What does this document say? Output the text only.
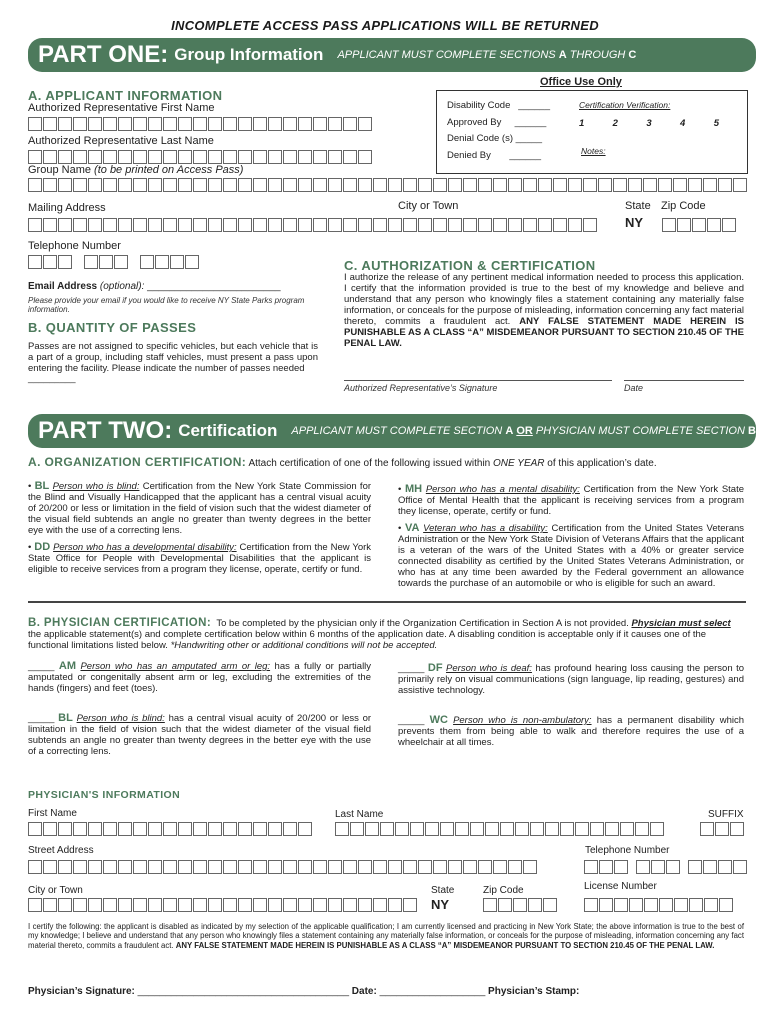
INCOMPLETE ACCESS PASS APPLICATIONS WILL BE RETURNED
PART ONE: Group Information APPLICANT MUST COMPLETE SECTIONS A THROUGH C
Office Use Only
Disability Code ______
Approved By ______
Denial Code (s) _____
Denied By ______
Certification Verification:
1	2	3	4	5
Notes:
A. APPLICANT INFORMATION
Authorized Representative First Name
Authorized Representative Last Name
Group Name (to be printed on Access Pass)
Mailing Address	City or Town	State
NY
Zip Code
Telephone Number
Email Address (optional): ________________________
Please provide your email if you would like to receive NY State Parks program information.
B. QUANTITY OF PASSES
Passes are not assigned to specific vehicles, but each vehicle that is a part of a group, including staff vehicles, must present a pass upon entering the facility. Please indicate the number of passes needed
_________
C. AUTHORIZATION & CERTIFICATION
I authorize the release of any pertinent medical information needed to process this application. I certify that the information provided is true to the best of my knowledge and believe and understand that any person who knowingly files a statement containing any materially false information, or conceals for the purpose of misleading, information concerning any fact material thereto, commits a fraudulent act. ANY FALSE STATEMENT MADE HEREIN IS PUNISHABLE AS A CLASS “A” MISDEMEANOR PURSUANT TO SECTION 210.45 OF THE PENAL LAW.
Authorized Representative’s Signature	Date
PART TWO: Certification APPLICANT MUST COMPLETE SECTION A OR PHYSICIAN MUST COMPLETE SECTION B
A. ORGANIZATION CERTIFICATION: Attach certification of one of the following issued within ONE YEAR of this application’s date.
• BL Person who is blind: Certification from the New York State Commission for the Blind and Visually Handicapped that the applicant has a central visual acuity of 20/200 or less or limitation in the field of vision such that the widest diameter of the visual field subtends an angle no greater than twenty degrees in the better eye with the use of a correcting lens.
• DD Person who has a developmental disability: Certification from the New York State Office for People with Developmental Disabilities that the applicant is eligible to receive services from a program they license, operate, certify or fund.
• MH Person who has a mental disability: Certification from the New York State Office of Mental Health that the applicant is receiving services from a program they license, operate, certify or fund.
• VA Veteran who has a disability: Certification from the United States Veterans Administration or the New York State Division of Veterans Affairs that the applicant is a veteran of the wars of the United States with a 40% or greater service connected disability as certified by the United States Veterans Administration, or who has at any time been awarded by the Federal government an allowance towards the purchase of an automobile or who is eligible for such an award.
B. PHYSICIAN CERTIFICATION: To be completed by the physician only if the Organization Certification in Section A is not provided. Physician must select the applicable statement(s) and complete certification below within 6 months of the application date. A disabling condition is acceptable only if it causes one of the functional limitations listed below. *Handwriting other or additional conditions will not be accepted.
_____ AM Person who has an amputated arm or leg: has a fully or partially amputated or congenitally absent arm or leg, excluding the extremities of the hands (fingers) and feet (toes).
_____ BL Person who is blind: has a central visual acuity of 20/200 or less or limitation in the field of vision such that the widest diameter of the visual field subtends an angle no greater than twenty degrees in the better eye with the use of a correcting lens.
_____ DF Person who is deaf: has profound hearing loss causing the person to primarily rely on visual communications (sign language, lip reading, gestures) and assistive technology.
_____ WC Person who is non-ambulatory: has a permanent disability which prevents them from being able to walk and therefore requires the use of a wheelchair at all times.
PHYSICIAN'S INFORMATION
First Name	Last Name	SUFFIX
Street Address	Telephone Number
City or Town	State
NY
Zip Code	License Number
I certify the following: the applicant is disabled as indicated by my selection of the applicable qualification; I am currently licensed and practicing in New York State; the above information is true to the best of my knowledge; I believe and understand that any person who knowingly files a statement containing any materially false information, or conceals for the purpose of misleading, information concerning any fact material thereto, commits a fraudulent act. ANY FALSE STATEMENT MADE HEREIN IS PUNISHABLE AS A CLASS “A” MISDEMEANOR PURSUANT TO SECTION 210.45 OF THE PENAL LAW.
Physician’s Signature: ______________________________________ Date: ___________________ Physician’s Stamp:
